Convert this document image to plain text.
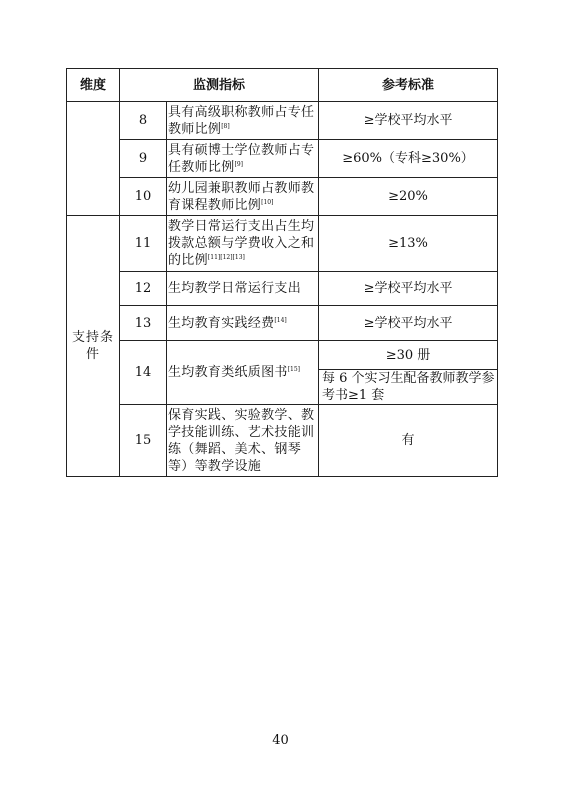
维度	监测指标		参考标准
	8	具有高级职称教师占专任教师比例[8]	≥学校平均水平
	9	具有硕博士学位教师占专任教师比例[9]	≥60%（专科≥30%）
	10	幼儿园兼职教师占教师教育课程教师比例[10]	≥20%
支持条件	11	教学日常运行支出占生均拨款总额与学费收入之和的比例[11][12][13]	≥13%
	12	生均教学日常运行支出	≥学校平均水平
	13	生均教育实践经费[14]	≥学校平均水平
	14	生均教育类纸质图书[15]	≥30 册
			每 6 个实习生配备教师教学参考书≥1 套
	15	保育实践、实验教学、教学技能训练、艺术技能训练（舞蹈、美术、钢琴等）等教学设施	有
40
